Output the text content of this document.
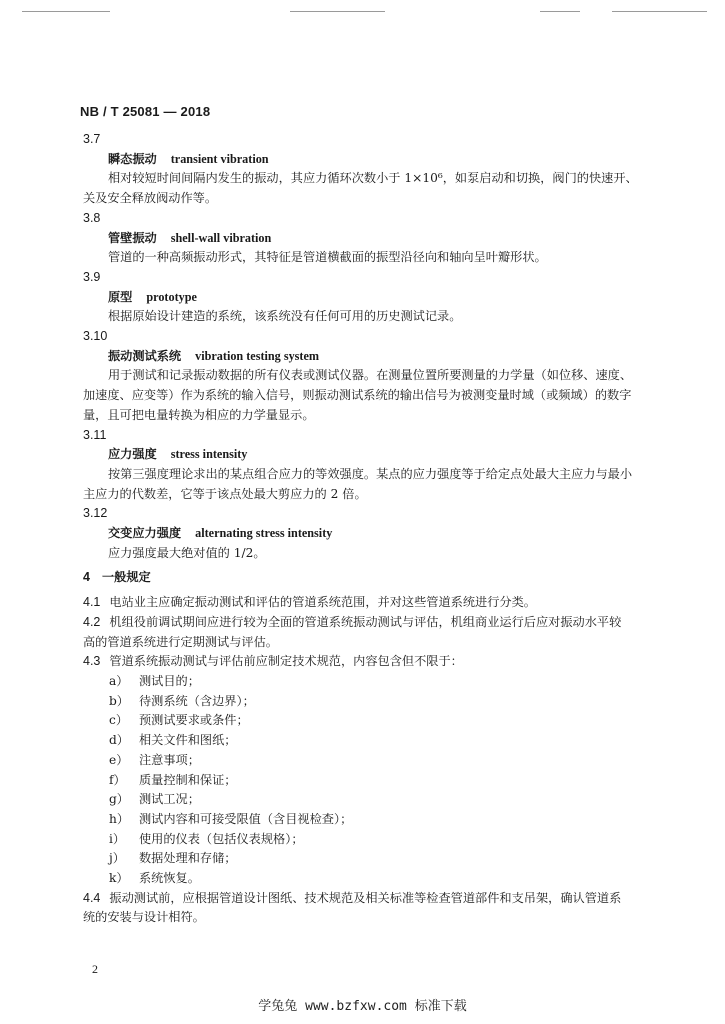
NB / T 25081 — 2018
3.7
瞬态振动 transient vibration
相对较短时间间隔内发生的振动，其应力循环次数小于 1×10⁶，如泵启动和切换，阀门的快速开、
关及安全释放阀动作等。
3.8
管壁振动 shell-wall vibration
管道的一种高频振动形式，其特征是管道横截面的振型沿径向和轴向呈叶瓣形状。
3.9
原型 prototype
根据原始设计建造的系统，该系统没有任何可用的历史测试记录。
3.10
振动测试系统 vibration testing system
用于测试和记录振动数据的所有仪表或测试仪器。在测量位置所要测量的力学量（如位移、速度、
加速度、应变等）作为系统的输入信号，则振动测试系统的输出信号为被测变量时域（或频域）的数字
量，且可把电量转换为相应的力学量显示。
3.11
应力强度 stress intensity
按第三强度理论求出的某点组合应力的等效强度。某点的应力强度等于给定点处最大主应力与最小
主应力的代数差，它等于该点处最大剪应力的 2 倍。
3.12
交变应力强度 alternating stress intensity
应力强度最大绝对值的 1/2。
4 一般规定
4.1 电站业主应确定振动测试和评估的管道系统范围，并对这些管道系统进行分类。
4.2 机组役前调试期间应进行较为全面的管道系统振动测试与评估，机组商业运行后应对振动水平较
高的管道系统进行定期测试与评估。
4.3 管道系统振动测试与评估前应制定技术规范，内容包含但不限于：
a） 测试目的；
b） 待测系统（含边界）；
c） 预测试要求或条件；
d） 相关文件和图纸；
e） 注意事项；
f） 质量控制和保证；
g） 测试工况；
h） 测试内容和可接受限值（含目视检查）；
i） 使用的仪表（包括仪表规格）；
j） 数据处理和存储；
k） 系统恢复。
4.4 振动测试前，应根据管道设计图纸、技术规范及相关标准等检查管道部件和支吊架，确认管道系
统的安装与设计相符。
2
学兔兔 www.bzfxw.com 标准下载
